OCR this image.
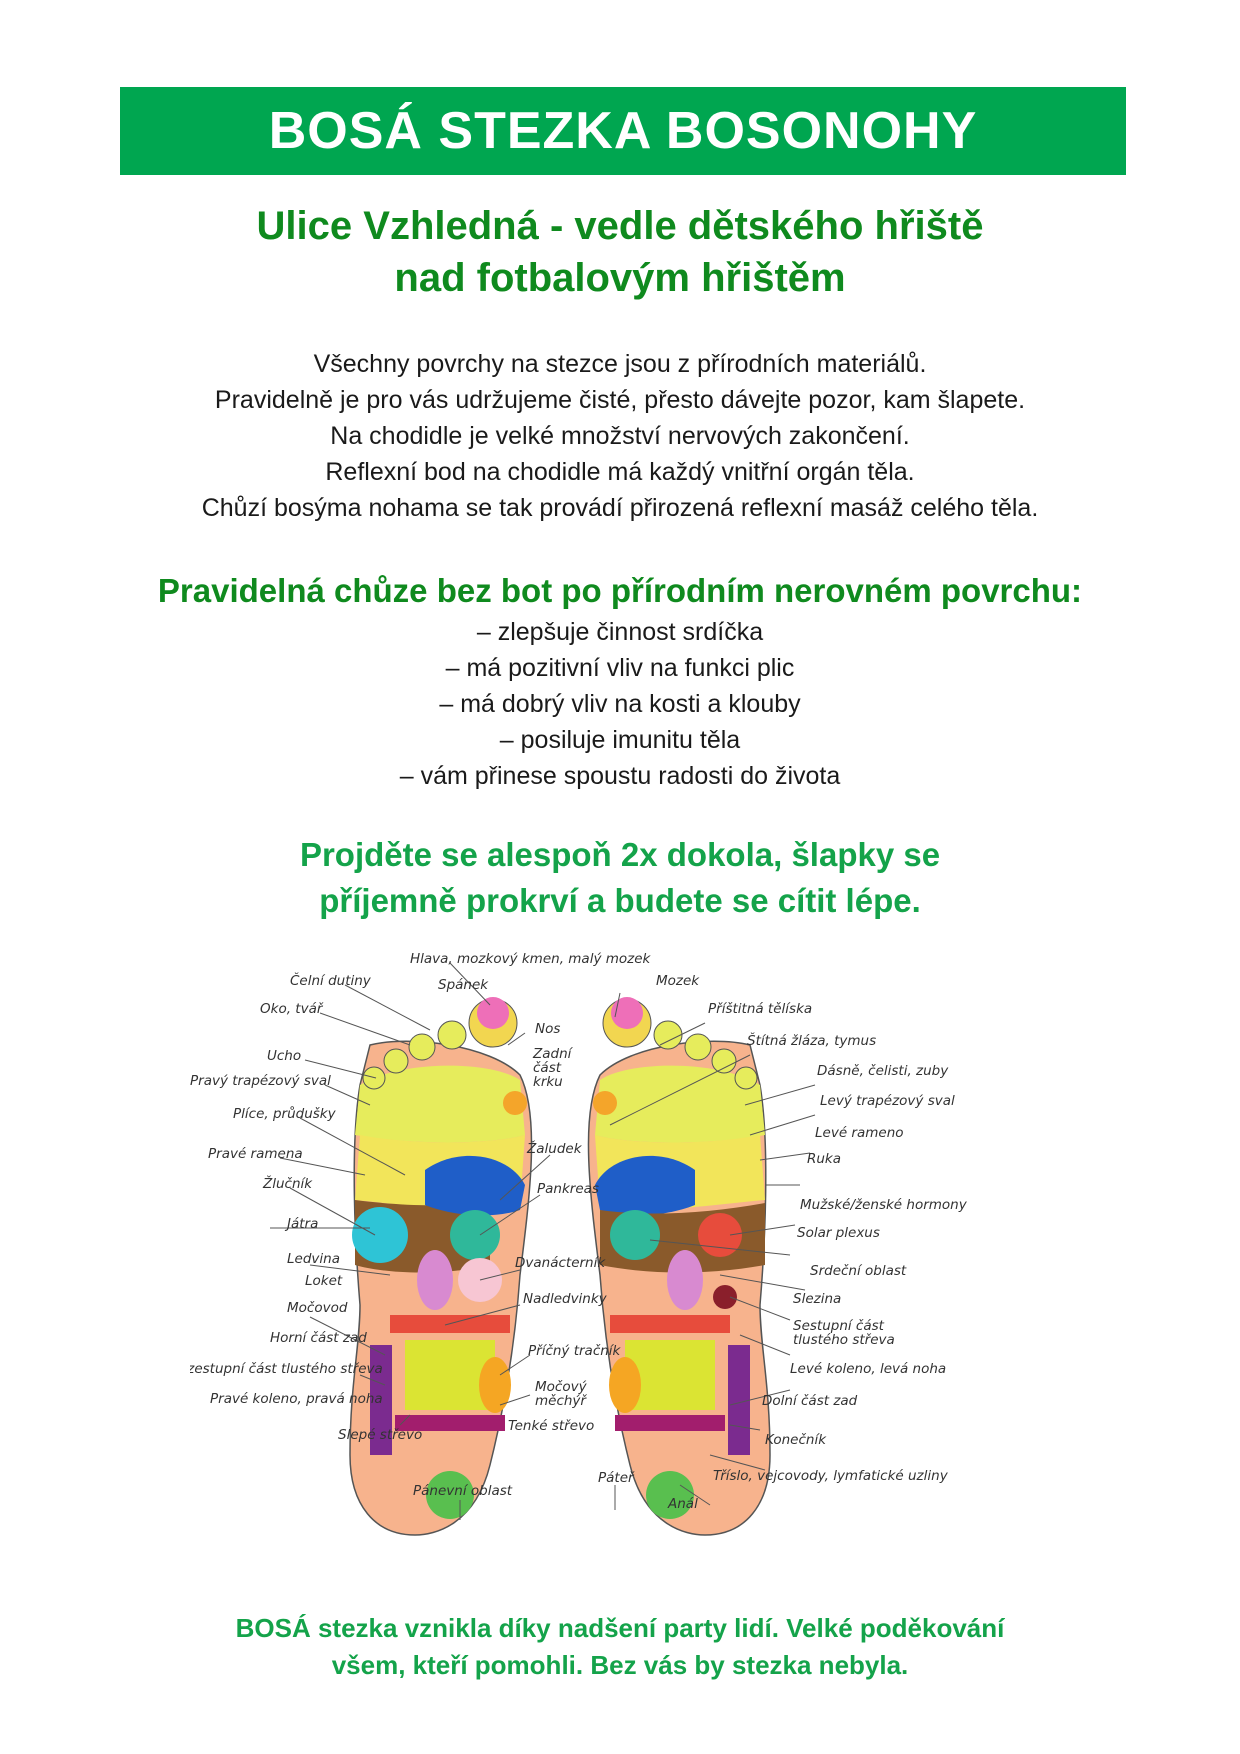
BOSÁ STEZKA BOSONOHY
Ulice Vzhledná - vedle dětského hřiště
nad fotbalovým hřištěm
Všechny povrchy na stezce jsou z přírodních materiálů.
Pravidelně je pro vás udržujeme čisté, přesto dávejte pozor, kam šlapete.
Na chodidle je velké množství nervových zakončení.
Reflexní bod na chodidle má každý vnitřní orgán těla.
Chůzí bosýma nohama se tak provádí přirozená reflexní masáž celého těla.
Pravidelná chůze bez bot po přírodním nerovném povrchu:
– zlepšuje činnost srdíčka
– má pozitivní vliv na funkci plic
– má dobrý vliv na kosti a klouby
– posiluje imunitu těla
– vám přinese spoustu radosti do života
Projděte se alespoň 2x dokola, šlapky se
příjemně prokrví a budete se cítit lépe.
Hlava, mozkový kmen, malý mozek
Čelní dutiny	Spánek
Oko, tvář
Nos
Zadní
část
krku
Ucho
Pravý trapézový sval
Plíce, průdušky
Pravé ramena	Žaludek
Žlučník	Pankreas
Játra
Ledvina
Loket
Dvanácterník
Močovod
Nadledvinky
Horní část zad
Příčný tračník
Vzestupní část tlustého střeva
Močový
měchýř
Pravé koleno, pravá noha
Tenké střevo
Slepé střevo
Pánevní oblast
Mozek
Příštitná tělíska
Štítná žláza, tymus
Dásně, čelisti, zuby
Levý trapézový sval
Levé rameno
Ruka
Mužské/ženské hormony
Solar plexus
Srdeční oblast
Slezina
Sestupní část
tlustého střeva
Levé koleno, levá noha
Dolní část zad
Konečník
Tříslo, vejcovody, lymfatické uzliny
Páteř
Anál
BOSÁ stezka vznikla díky nadšení party lidí. Velké poděkování
všem, kteří pomohli. Bez vás by stezka nebyla.
